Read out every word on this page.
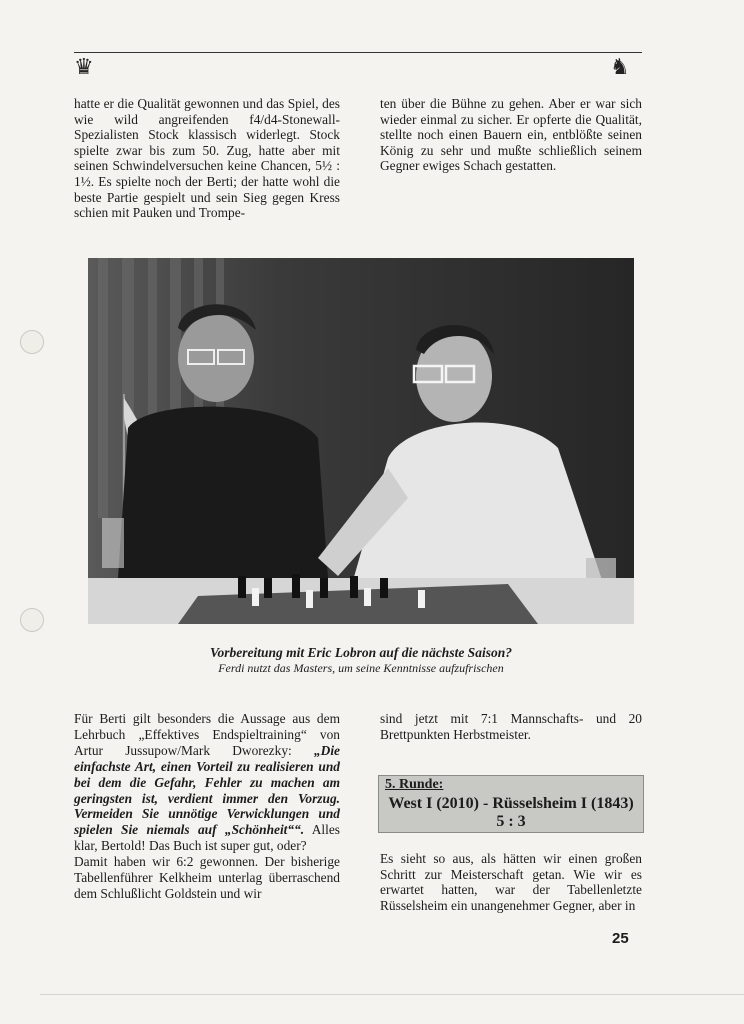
♛	♞

hatte er die Qualität gewonnen und das Spiel, des wie wild angreifenden f4/d4-Stonewall-Spezialisten Stock klassisch widerlegt. Stock spielte zwar bis zum 50. Zug, hatte aber mit seinen Schwindelversuchen keine Chancen, 5½ : 1½. Es spielte noch der Berti; der hatte wohl die beste Partie gespielt und sein Sieg gegen Kress schien mit Pauken und Trompe-

ten über die Bühne zu gehen. Aber er war sich wieder einmal zu sicher. Er opferte die Qualität, stellte noch einen Bauern ein, entblößte seinen König zu sehr und mußte schließlich seinem Gegner ewiges Schach gestatten.

Vorbereitung mit Eric Lobron auf die nächste Saison?
Ferdi nutzt das Masters, um seine Kenntnisse aufzufrischen

Für Berti gilt besonders die Aussage aus dem Lehrbuch „Effektives Endspieltraining“ von Artur Jussupow/Mark Dworezky: „Die einfachste Art, einen Vorteil zu realisieren und bei dem die Gefahr, Fehler zu machen am geringsten ist, verdient immer den Vorzug. Vermeiden Sie unnötige Verwicklungen und spielen Sie niemals auf „Schönheit““. Alles klar, Bertold! Das Buch ist super gut, oder?

Damit haben wir 6:2 gewonnen. Der bisherige Tabellenführer Kelkheim unterlag überraschend dem Schlußlicht Goldstein und wir

sind jetzt mit 7:1 Mannschafts- und 20 Brettpunkten Herbstmeister.

5. Runde:
West I (2010) - Rüsselsheim I (1843)
5 : 3

Es sieht so aus, als hätten wir einen großen Schritt zur Meisterschaft getan. Wie wir es erwartet hatten, war der Tabellenletzte Rüsselsheim ein unangenehmer Gegner, aber in

25
